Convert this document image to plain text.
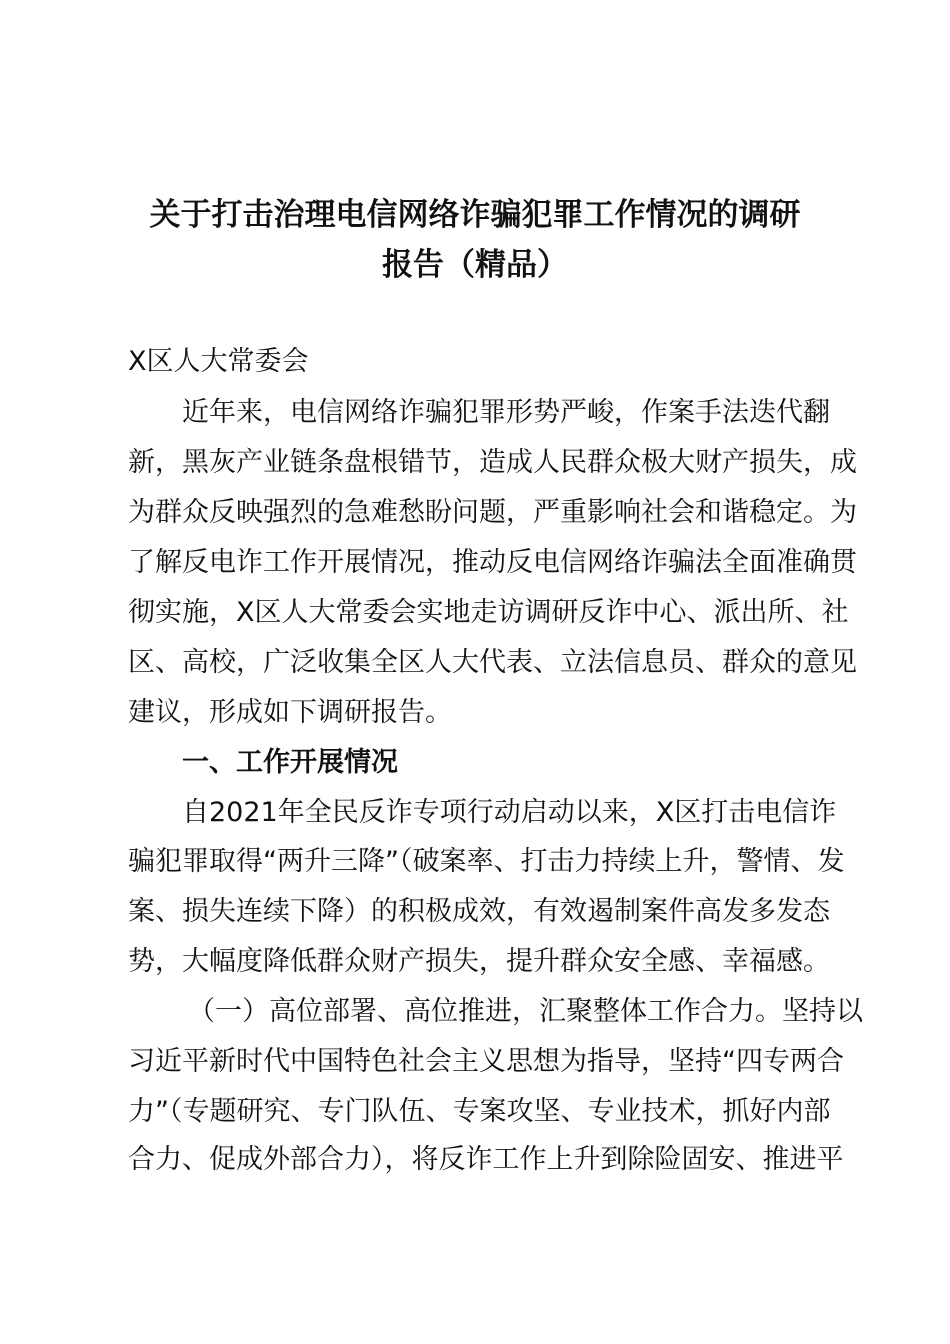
关于打击治理电信网络诈骗犯罪工作情况的调研
报告（精品）
X区人大常委会
近年来，电信网络诈骗犯罪形势严峻，作案手法迭代翻
新，黑灰产业链条盘根错节，造成人民群众极大财产损失，成
为群众反映强烈的急难愁盼问题，严重影响社会和谐稳定。为
了解反电诈工作开展情况，推动反电信网络诈骗法全面准确贯
彻实施，X区人大常委会实地走访调研反诈中心、派出所、社
区、高校，广泛收集全区人大代表、立法信息员、群众的意见
建议，形成如下调研报告。
一、工作开展情况
自2021年全民反诈专项行动启动以来，X区打击电信诈
骗犯罪取得“两升三降”（破案率、打击力持续上升，警情、发
案、损失连续下降）的积极成效，有效遏制案件高发多发态
势，大幅度降低群众财产损失，提升群众安全感、幸福感。
（一）高位部署、高位推进，汇聚整体工作合力。坚持以
习近平新时代中国特色社会主义思想为指导，坚持“四专两合
力”（专题研究、专门队伍、专案攻坚、专业技术，抓好内部
合力、促成外部合力），将反诈工作上升到除险固安、推进平
